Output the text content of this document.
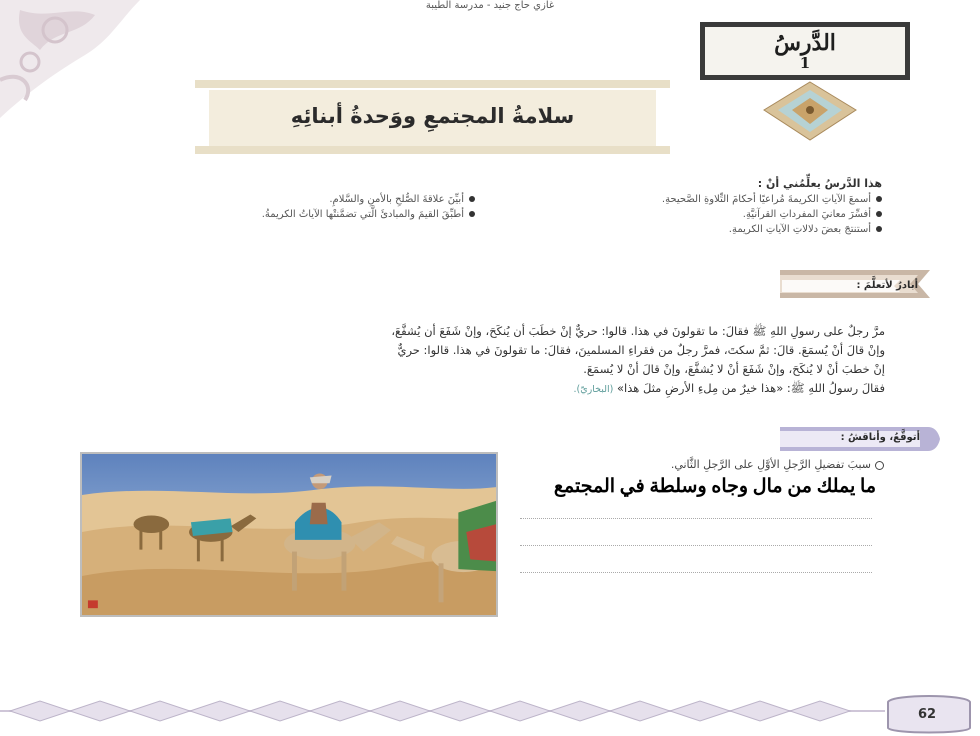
غازي حاج جنيد - مدرسة الطيبة
الدَّرسُ
1
سلامةُ المجتمعِ ووَحدةُ أبنائِهِ
هذا الدَّرسُ يعلِّمُني أنْ :
أسمعَ الآياتِ الكريمةَ مُراعيًا أحكامَ التِّلاوةِ الصَّحيحةِ.
أفسِّرَ معانيَ المفرداتِ القرآنيَّةِ.
أستنتجَ بعضَ دلالاتِ الآياتِ الكريمةِ.
أبيِّنَ علاقةَ الصُّلحِ بالأمنِ والسَّلامِ.
أطبِّقَ القيمَ والمبادئَ الَّتي تضمَّنتْها الآياتُ الكريمةُ.
أبادرُ لأتعلَّمَ :
مرَّ رجلٌ على رسولِ اللهِ ﷺ فقالَ: ما تقولونَ في هذا. قالوا: حريٌّ إنْ خطَبَ أن يُنكَحَ، وإنْ شَفَعَ أن يُشفَّعَ،
وإنْ قالَ أنْ يُسمَعَ. قالَ: ثمَّ سكتَ، فمرَّ رجلٌ من فقراءِ المسلمينَ، فقالَ: ما تقولونَ في هذا. قالوا: حريٌّ
إنْ خطبَ أنْ لا يُنكَحَ، وإنْ شَفَعَ أنْ لا يُشفَّعَ، وإنْ قالَ أنْ لا يُسمَعَ.
فقالَ رسولُ اللهِ ﷺ: «هذا خيرٌ من مِلءِ الأرضِ مثلَ هذا» (البخاريّ).
أتوقَّعُ، وأناقشُ :
سببَ تفضيلِ الرَّجلِ الأوَّلِ على الرَّجلِ الثَّاني.
ما يملك من مال وجاه وسلطة في المجتمع
62
